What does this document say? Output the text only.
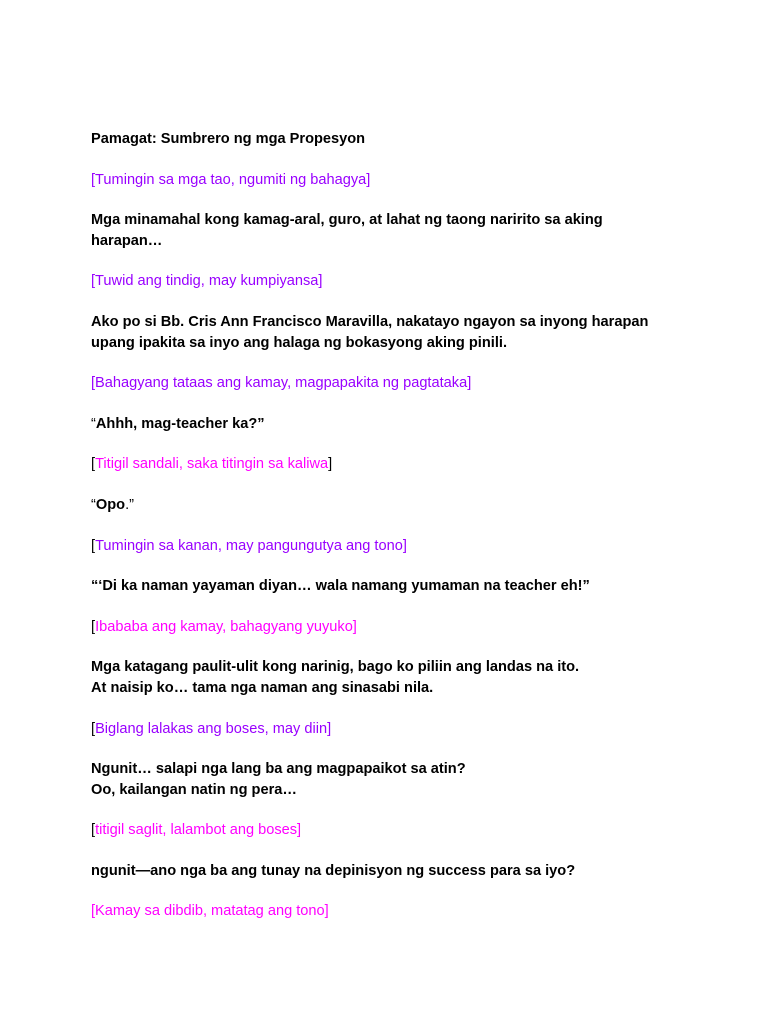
Pamagat: Sumbrero ng mga Propesyon

[Tumingin sa mga tao, ngumiti ng bahagya]

Mga minamahal kong kamag-aral, guro, at lahat ng taong naririto sa aking
harapan…

[Tuwid ang tindig, may kumpiyansa]

Ako po si Bb. Cris Ann Francisco Maravilla, nakatayo ngayon sa inyong harapan
upang ipakita sa inyo ang halaga ng bokasyong aking pinili.

[Bahagyang tataas ang kamay, magpapakita ng pagtataka]

“Ahhh, mag-teacher ka?”

[Titigil sandali, saka titingin sa kaliwa]

“Opo.”

[Tumingin sa kanan, may pangungutya ang tono]

“‘Di ka naman yayaman diyan… wala namang yumaman na teacher eh!”

[Ibababa ang kamay, bahagyang yuyuko]

Mga katagang paulit-ulit kong narinig, bago ko piliin ang landas na ito.
At naisip ko… tama nga naman ang sinasabi nila.

[Biglang lalakas ang boses, may diin]

Ngunit… salapi nga lang ba ang magpapaikot sa atin?
Oo, kailangan natin ng pera…

[titigil saglit, lalambot ang boses]

ngunit—ano nga ba ang tunay na depinisyon ng success para sa iyo?

[Kamay sa dibdib, matatag ang tono]
